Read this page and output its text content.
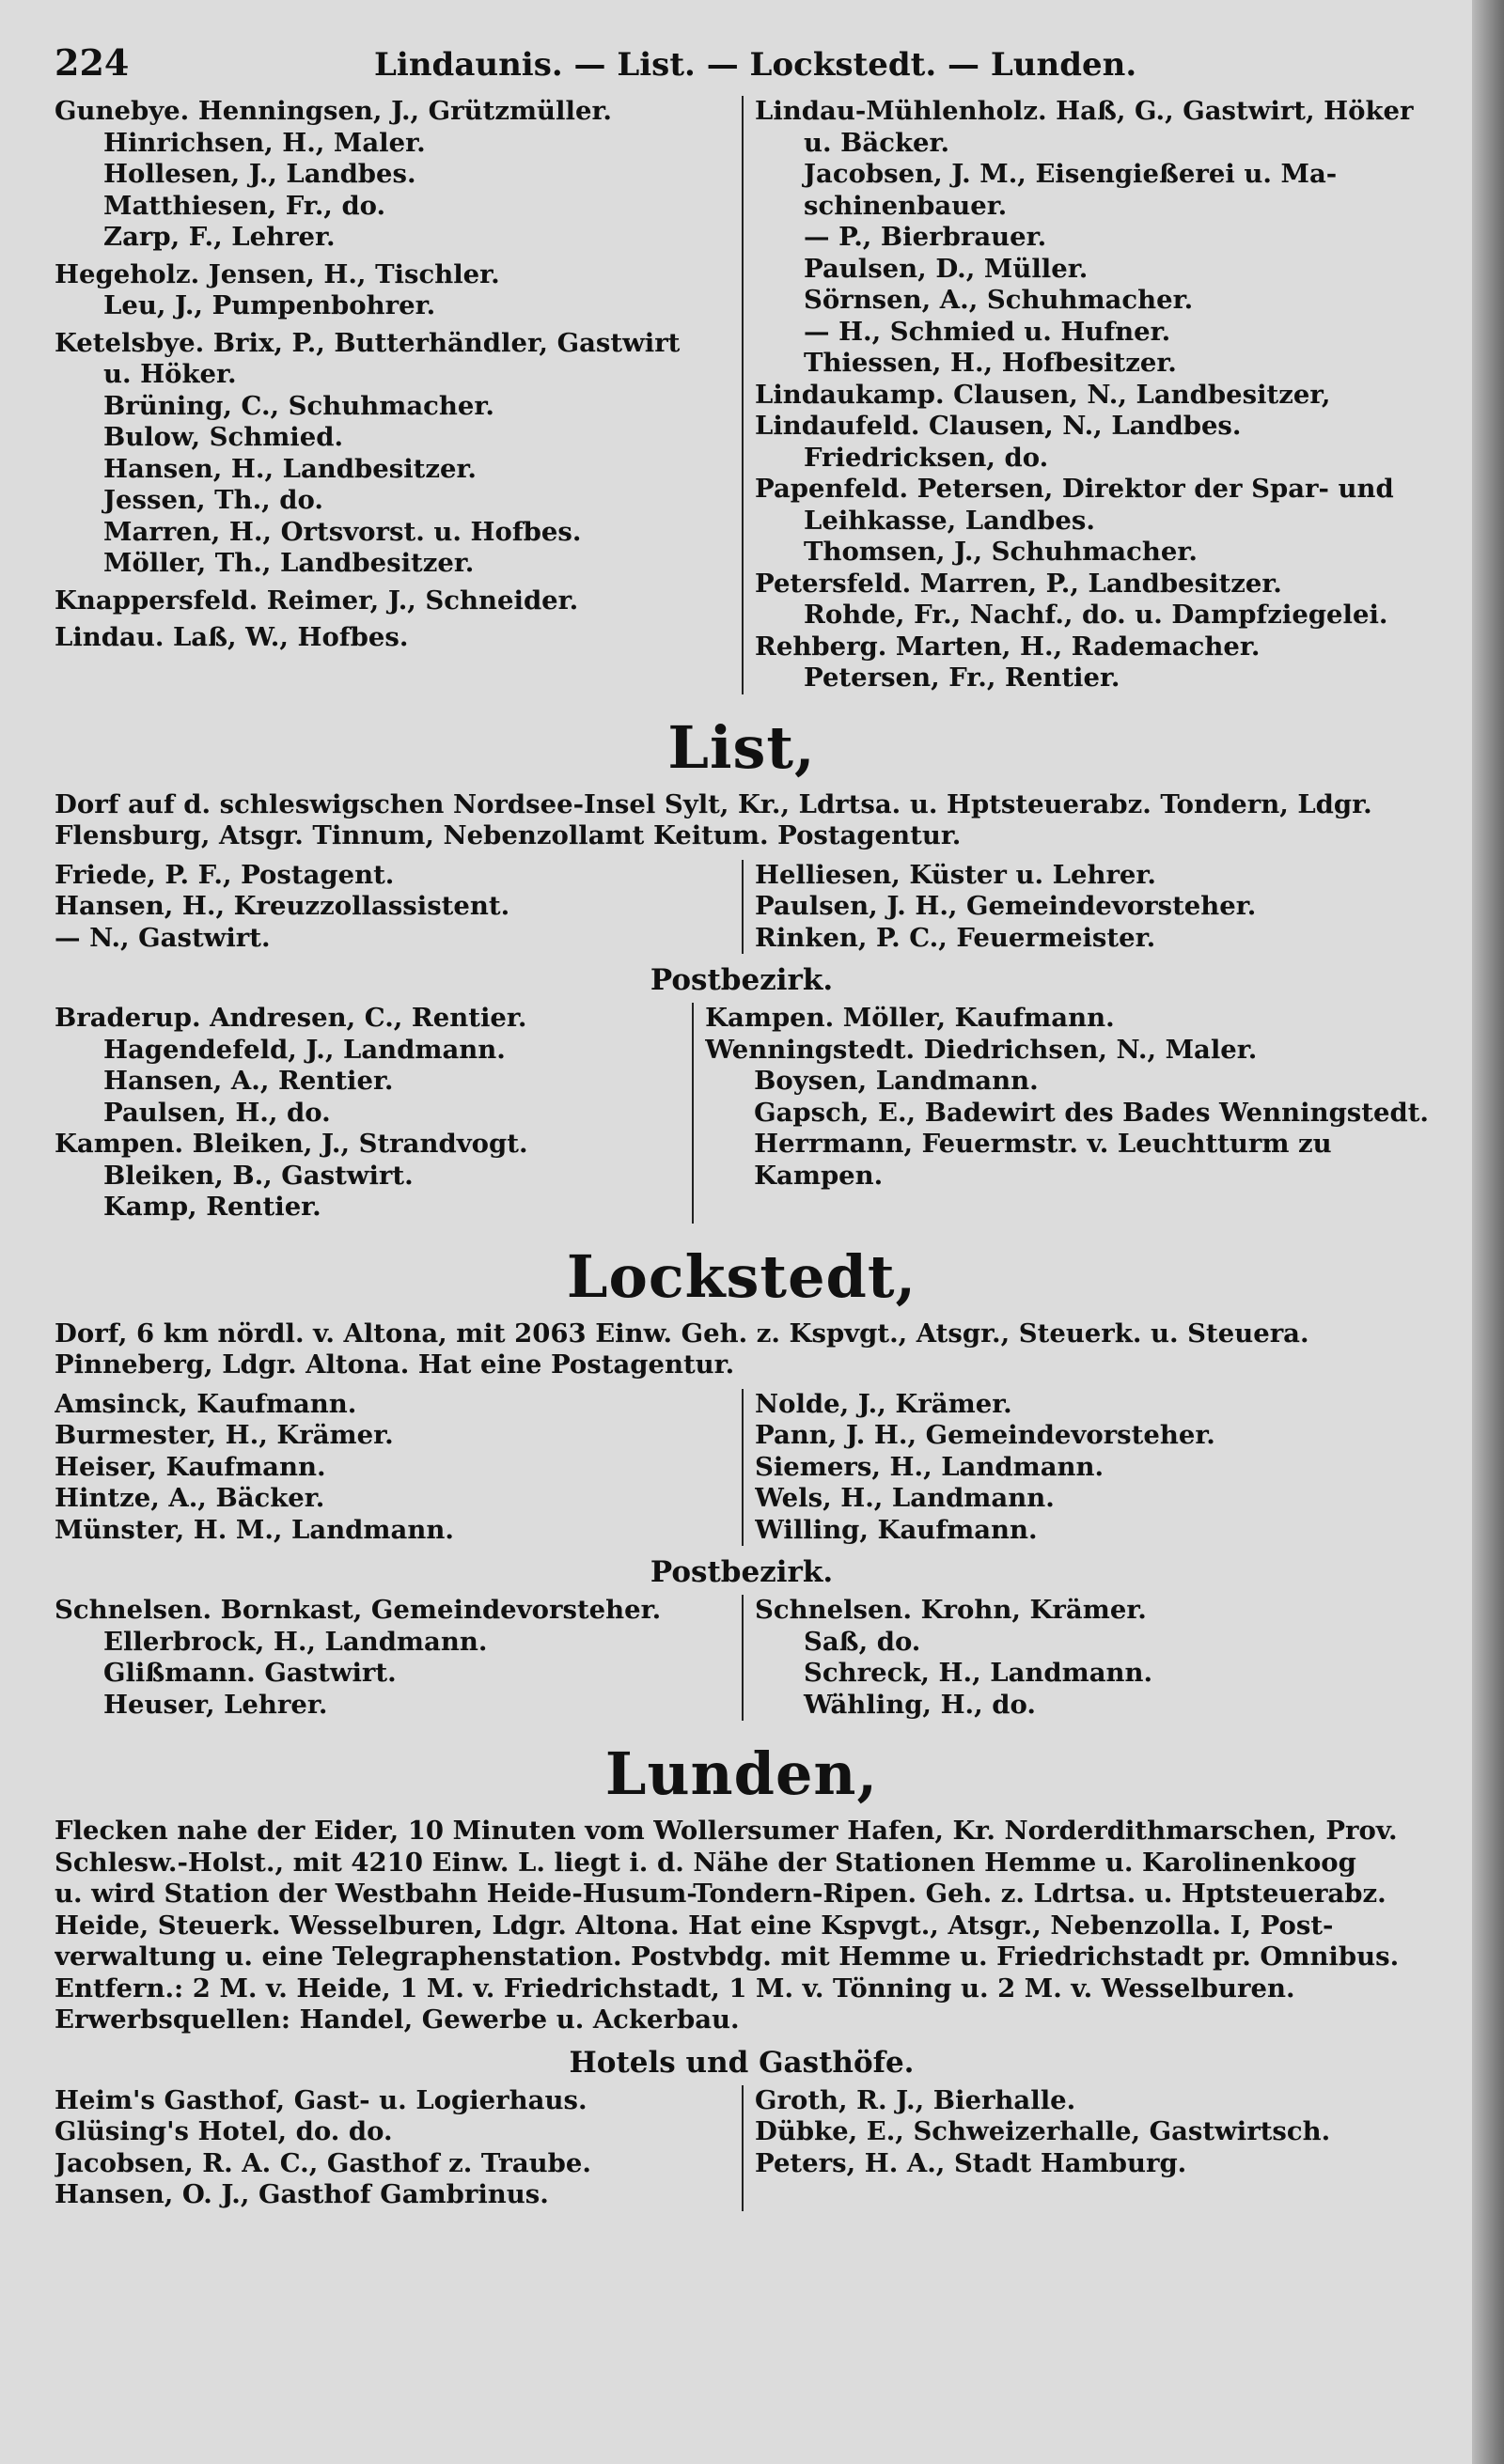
224	Lindaunis. — List. — Lockstedt. — Lunden.
Gunebye. Henningsen, J., Grützmüller.
Hinrichsen, H., Maler.
Hollesen, J., Landbes.
Matthiesen, Fr., do.
Zarp, F., Lehrer.
Hegeholz. Jensen, H., Tischler.
Leu, J., Pumpenbohrer.
Ketelsbye. Brix, P., Butterhändler, Gastwirt
u. Höker.
Brüning, C., Schuhmacher.
Bulow, Schmied.
Hansen, H., Landbesitzer.
Jessen, Th., do.
Marren, H., Ortsvorst. u. Hofbes.
Möller, Th., Landbesitzer.
Knappersfeld. Reimer, J., Schneider.
Lindau. Laß, W., Hofbes.
Lindau-Mühlenholz. Haß, G., Gastwirt, Höker
u. Bäcker.
Jacobsen, J. M., Eisengießerei u. Ma-
schinenbauer.
— P., Bierbrauer.
Paulsen, D., Müller.
Sörnsen, A., Schuhmacher.
— H., Schmied u. Hufner.
Thiessen, H., Hofbesitzer.
Lindaukamp. Clausen, N., Landbesitzer,
Lindaufeld. Clausen, N., Landbes.
Friedricksen, do.
Papenfeld. Petersen, Direktor der Spar- und
Leihkasse, Landbes.
Thomsen, J., Schuhmacher.
Petersfeld. Marren, P., Landbesitzer.
Rohde, Fr., Nachf., do. u. Dampfziegelei.
Rehberg. Marten, H., Rademacher.
Petersen, Fr., Rentier.
List,

Dorf auf d. schleswigschen Nordsee-Insel Sylt, Kr., Ldrtsa. u. Hptsteuerabz. Tondern, Ldgr.

Flensburg, Atsgr. Tinnum, Nebenzollamt Keitum. Postagentur.

Friede, P. F., Postagent.
Hansen, H., Kreuzzollassistent.
— N., Gastwirt.
Helliesen, Küster u. Lehrer.
Paulsen, J. H., Gemeindevorsteher.
Rinken, P. C., Feuermeister.
Postbezirk.
Braderup. Andresen, C., Rentier.
Hagendefeld, J., Landmann.
Hansen, A., Rentier.
Paulsen, H., do.
Kampen. Bleiken, J., Strandvogt.
Bleiken, B., Gastwirt.
Kamp, Rentier.
Kampen. Möller, Kaufmann.
Wenningstedt. Diedrichsen, N., Maler.
Boysen, Landmann.
Gapsch, E., Badewirt des Bades Wenningstedt.
Herrmann, Feuermstr. v. Leuchtturm zu
Kampen.
Lockstedt,

Dorf, 6 km nördl. v. Altona, mit 2063 Einw. Geh. z. Kspvgt., Atsgr., Steuerk. u. Steuera.

Pinneberg, Ldgr. Altona. Hat eine Postagentur.

Amsinck, Kaufmann.
Burmester, H., Krämer.
Heiser, Kaufmann.
Hintze, A., Bäcker.
Münster, H. M., Landmann.
Nolde, J., Krämer.
Pann, J. H., Gemeindevorsteher.
Siemers, H., Landmann.
Wels, H., Landmann.
Willing, Kaufmann.
Postbezirk.
Schnelsen. Bornkast, Gemeindevorsteher.
Ellerbrock, H., Landmann.
Glißmann. Gastwirt.
Heuser, Lehrer.
Schnelsen. Krohn, Krämer.
Saß, do.
Schreck, H., Landmann.
Wähling, H., do.
Lunden,

Flecken nahe der Eider, 10 Minuten vom Wollersumer Hafen, Kr. Norderdithmarschen, Prov.

Schlesw.-Holst., mit 4210 Einw. L. liegt i. d. Nähe der Stationen Hemme u. Karolinenkoog

u. wird Station der Westbahn Heide-Husum-Tondern-Ripen. Geh. z. Ldrtsa. u. Hptsteuerabz.

Heide, Steuerk. Wesselburen, Ldgr. Altona. Hat eine Kspvgt., Atsgr., Nebenzolla. I, Post-

verwaltung u. eine Telegraphenstation. Postvbdg. mit Hemme u. Friedrichstadt pr. Omnibus.

Entfern.: 2 M. v. Heide, 1 M. v. Friedrichstadt, 1 M. v. Tönning u. 2 M. v. Wesselburen.

Erwerbsquellen: Handel, Gewerbe u. Ackerbau.

Hotels und Gasthöfe.
Heim's Gasthof, Gast- u. Logierhaus.
Glüsing's Hotel, do. do.
Jacobsen, R. A. C., Gasthof z. Traube.
Hansen, O. J., Gasthof Gambrinus.
Groth, R. J., Bierhalle.
Dübke, E., Schweizerhalle, Gastwirtsch.
Peters, H. A., Stadt Hamburg.
